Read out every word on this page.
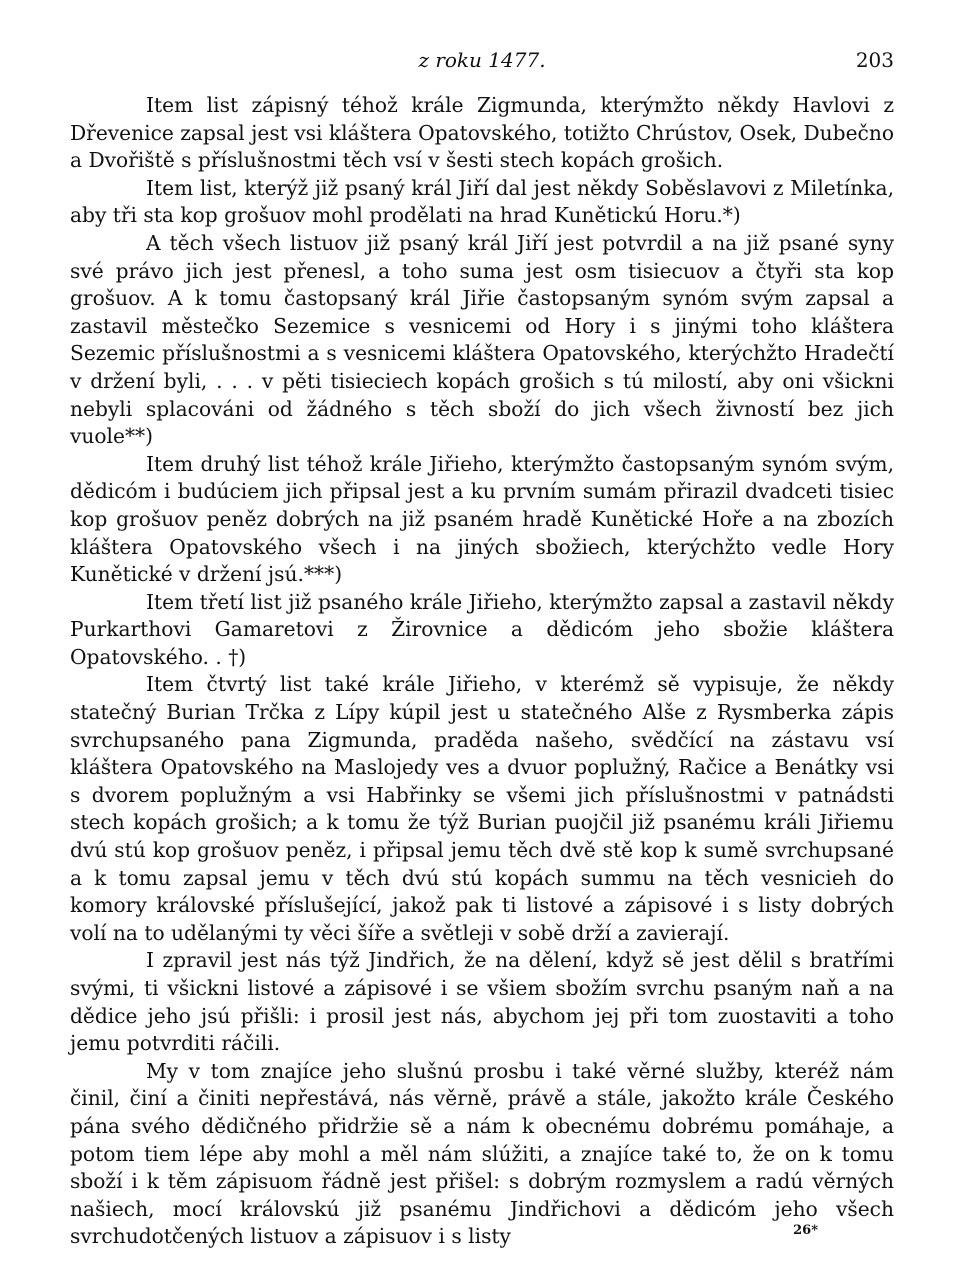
z roku 1477.	203

Item list zápisný téhož krále Zigmunda, kterýmžto někdy Havlovi z Dřevenice zapsal jest vsi kláštera Opatovského, totižto Chrústov, Osek, Dubečno a Dvořiště s příslušnostmi těch vsí v šesti stech kopách grošich.

Item list, kterýž již psaný král Jiří dal jest někdy Soběslavovi z Miletínka, aby tři sta kop grošuov mohl prodělati na hrad Kunětickú Horu.*)

A těch všech listuov již psaný král Jiří jest potvrdil a na již psané syny své právo jich jest přenesl, a toho suma jest osm tisiecuov a čtyři sta kop grošuov. A k tomu častopsaný král Jiřie častopsaným synóm svým zapsal a zastavil městečko Sezemice s vesnicemi od Hory i s jinými toho kláštera Sezemic příslušnostmi a s vesnicemi kláštera Opatovského, kterýchžto Hradečtí v držení byli, . . . v pěti tisieciech kopách grošich s tú milostí, aby oni všickni nebyli splacováni od žádného s těch sboží do jich všech živností bez jich vuole**)

Item druhý list téhož krále Jiřieho, kterýmžto častopsaným synóm svým, dědicóm i budúciem jich připsal jest a ku prvním sumám přirazil dvadceti tisiec kop grošuov peněz dobrých na již psaném hradě Kunětické Hoře a na zbozích kláštera Opatovského všech i na jiných sbožiech, kterýchžto vedle Hory Kunětické v držení jsú.***)

Item třetí list již psaného krále Jiřieho, kterýmžto zapsal a zastavil někdy Purkarthovi Gamaretovi z Žirovnice a dědicóm jeho sbožie kláštera Opatovského. . †)

Item čtvrtý list také krále Jiřieho, v kterémž sě vypisuje, že někdy statečný Burian Trčka z Lípy kúpil jest u statečného Alše z Rysmberka zápis svrchupsaného pana Zigmunda, praděda našeho, svědčící na zástavu vsí kláštera Opatovského na Maslojedy ves a dvuor poplužný, Račice a Benátky vsi s dvorem poplužným a vsi Habřinky se všemi jich příslušnostmi v patnádsti stech kopách grošich; a k tomu že týž Burian puojčil již psanému králi Jiřiemu dvú stú kop grošuov peněz, i připsal jemu těch dvě stě kop k sumě svrchupsané a k tomu zapsal jemu v těch dvú stú kopách summu na těch vesnicieh do komory královské příslušející, jakož pak ti listové a zápisové i s listy dobrých volí na to udělanými ty věci šíře a světleji v sobě drží a zavierají.

I zpravil jest nás týž Jindřich, že na dělení, když sě jest dělil s bratřími svými, ti všickni listové a zápisové i se všiem sbožím svrchu psaným naň a na dědice jeho jsú přišli: i prosil jest nás, abychom jej při tom zuostaviti a toho jemu potvrditi ráčili.

My v tom znajíce jeho slušnú prosbu i také věrné služby, kteréž nám činil, činí a činiti nepřestává, nás věrně, právě a stále, jakožto krále Českého pána svého dědičného přidržie sě a nám k obecnému dobrému pomáhaje, a potom tiem lépe aby mohl a měl nám slúžiti, a znajíce také to, že on k tomu sboží i k těm zápisuom řádně jest přišel: s dobrým rozmyslem a radú věrných našiech, mocí královskú již psanému Jindřichovi a dědicóm jeho všech svrchudotčených listuov a zápisuov i s listy	26*
